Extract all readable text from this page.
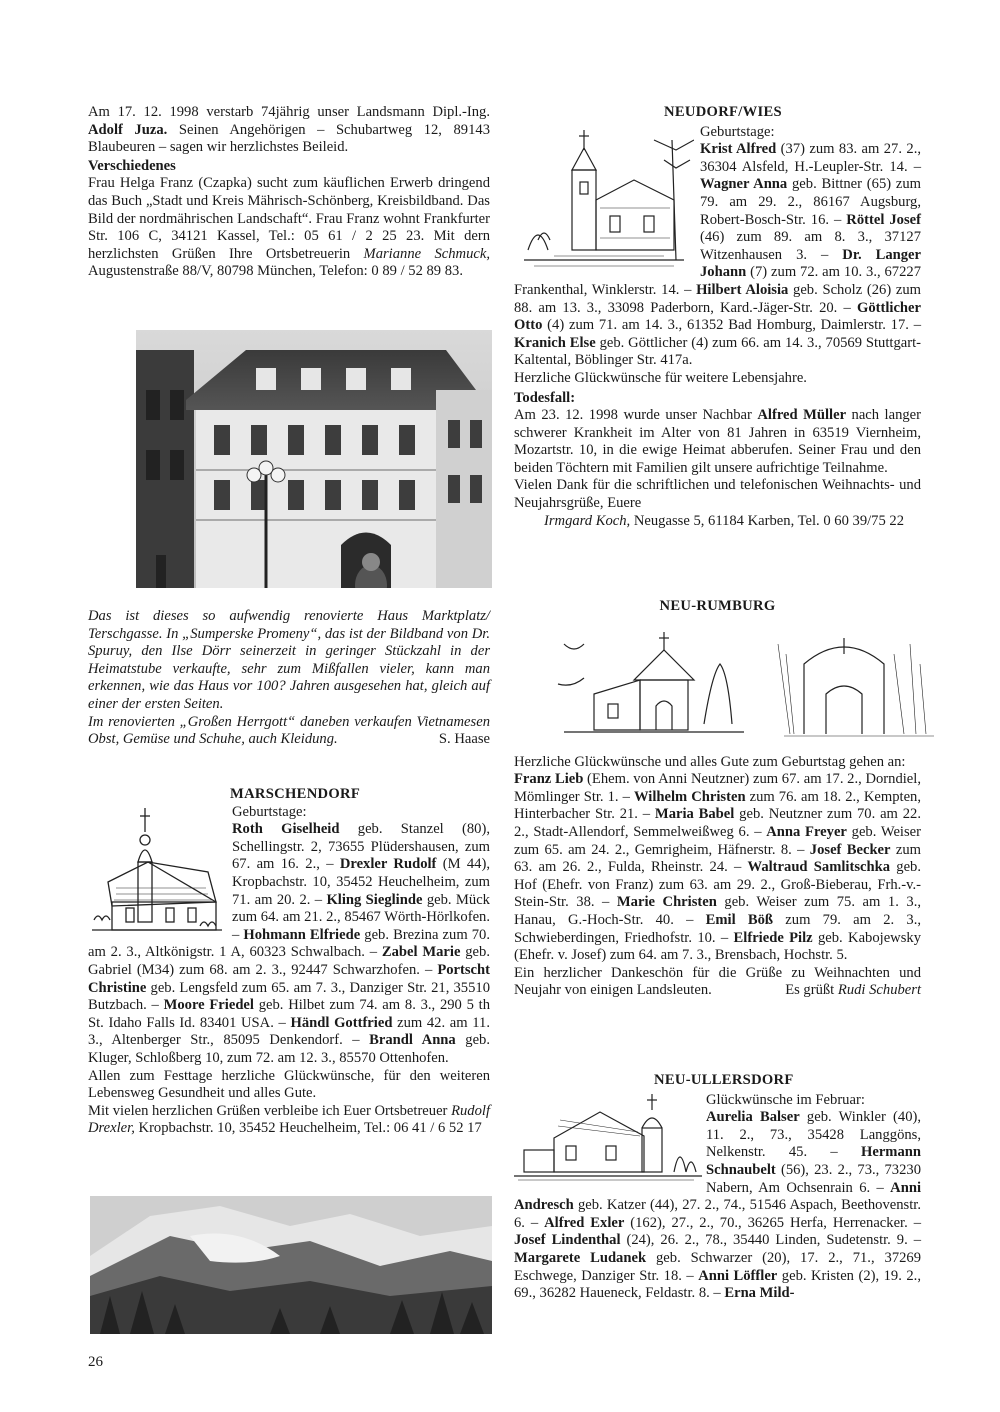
Am 17. 12. 1998 verstarb 74jährig unser Landsmann Dipl.-Ing. Adolf Juza. Seinen Angehörigen – Schubartweg 12, 89143 Blaubeuren – sagen wir herzlichstes Beileid.

Verschiedenes

Frau Helga Franz (Czapka) sucht zum käuflichen Erwerb dringend das Buch „Stadt und Kreis Mährisch-Schönberg, Kreisbildband. Das Bild der nordmährischen Landschaft“. Frau Franz wohnt Frankfurter Str. 106 C, 34121 Kassel, Tel.: 05 61 / 2 25 23. Mit dern herzlichsten Grüßen Ihre Ortsbetreuerin Marianne Schmuck, Augustenstraße 88/V, 80798 München, Telefon: 0 89 / 52 89 83.

Das ist dieses so aufwendig renovierte Haus Marktplatz/ Terschgasse. In „Sumperske Promeny“, das ist der Bildband von Dr. Spuruy, den Ilse Dörr seinerzeit in geringer Stückzahl in der Heimatstube verkaufte, sehr zum Mißfallen vieler, kann man erkennen, wie das Haus vor 100? Jahren ausgesehen hat, gleich auf einer der ersten Seiten.

Im renovierten „Großen Herrgott“ daneben verkaufen Vietnamesen Obst, Gemüse und Schuhe, auch Kleidung.	S. Haase

MARSCHENDORF

Geburtstage:

Roth Giselheid geb. Stanzel (80), Schellingstr. 2, 73655 Plüdershausen, zum 67. am 16. 2., – Drexler Rudolf (M 44), Kropbachstr. 10, 35452 Heuchelheim, zum 71. am 20. 2. – Kling Sieglinde geb. Mück zum 64. am 21. 2., 85467 Wörth-Hörlkofen. – Hohmann Elfriede geb. Brezina zum 70. am 2. 3., Altkönigstr. 1 A, 60323 Schwalbach. – Zabel Marie geb. Gabriel (M34) zum 68. am 2. 3., 92447 Schwarzhofen. – Portscht Christine geb. Lengsfeld zum 65. am 7. 3., Danziger Str. 21, 35510 Butzbach. – Moore Friedel geb. Hilbet zum 74. am 8. 3., 290 5 th St. Idaho Falls Id. 83401 USA. – Händl Gottfried zum 42. am 11. 3., Altenberger Str., 85095 Denkendorf. – Brandl Anna geb. Kluger, Schloßberg 10, zum 72. am 12. 3., 85570 Ottenhofen.

Allen zum Festtage herzliche Glückwünsche, für den weiteren Lebensweg Gesundheit und alles Gute.

Mit vielen herzlichen Grüßen verbleibe ich Euer Ortsbetreuer Rudolf Drexler, Kropbachstr. 10, 35452 Heuchelheim, Tel.: 06 41 / 6 52 17

NEUDORF/WIES

Geburtstage:

Krist Alfred (37) zum 83. am 27. 2., 36304 Alsfeld, H.-Leupler-Str. 14. – Wagner Anna geb. Bittner (65) zum 79. am 29. 2., 86167 Augsburg, Robert-Bosch-Str. 16. – Röttel Josef (46) zum 89. am 8. 3., 37127 Witzenhausen 3. – Dr. Langer Johann (7) zum 72. am 10. 3., 67227 Frankenthal, Winklerstr. 14. – Hilbert Aloisia geb. Scholz (26) zum 88. am 13. 3., 33098 Paderborn, Kard.-Jäger-Str. 20. – Göttlicher Otto (4) zum 71. am 14. 3., 61352 Bad Homburg, Daimlerstr. 17. – Kranich Else geb. Göttlicher (4) zum 66. am 14. 3., 70569 Stuttgart-Kaltental, Böblinger Str. 417a.

Herzliche Glückwünsche für weitere Lebensjahre.

Todesfall:

Am 23. 12. 1998 wurde unser Nachbar Alfred Müller nach langer schwerer Krankheit im Alter von 81 Jahren in 63519 Viernheim, Mozartstr. 10, in die ewige Heimat abberufen. Seiner Frau und den beiden Töchtern mit Familien gilt unsere aufrichtige Teilnahme.

Vielen Dank für die schriftlichen und telefonischen Weihnachts- und Neujahrsgrüße, Euere

Irmgard Koch, Neugasse 5, 61184 Karben, Tel. 0 60 39/75 22

NEU-RUMBURG

Herzliche Glückwünsche und alles Gute zum Geburtstag gehen an:

Franz Lieb (Ehem. von Anni Neutzner) zum 67. am 17. 2., Dorndiel, Mömlinger Str. 1. – Wilhelm Christen zum 76. am 18. 2., Kempten, Hinterbacher Str. 21. – Maria Babel geb. Neutzner zum 70. am 22. 2., Stadt-Allendorf, Semmelweißweg 6. – Anna Freyer geb. Weiser zum 65. am 24. 2., Gemrigheim, Häfnerstr. 8. – Josef Becker zum 63. am 26. 2., Fulda, Rheinstr. 24. – Waltraud Samlitschka geb. Hof (Ehefr. von Franz) zum 63. am 29. 2., Groß-Bieberau, Frh.-v.-Stein-Str. 38. – Marie Christen geb. Weiser zum 75. am 1. 3., Hanau, G.-Hoch-Str. 40. – Emil Böß zum 79. am 2. 3., Schwieberdingen, Friedhofstr. 10. – Elfriede Pilz geb. Kabojewsky (Ehefr. v. Josef) zum 64. am 7. 3., Brensbach, Hochstr. 5.

Ein herzlicher Dankeschön für die Grüße zu Weihnachten und Neujahr von einigen Landsleuten.	Es grüßt Rudi Schubert

NEU-ULLERSDORF

Glückwünsche im Februar:

Aurelia Balser geb. Winkler (40), 11. 2., 73., 35428 Langgöns, Nelkenstr. 45. – Hermann Schnaubelt (56), 23. 2., 73., 73230 Nabern, Am Ochsenrain 6. – Anni Andresch geb. Katzer (44), 27. 2., 74., 51546 Aspach, Beethovenstr. 6. – Alfred Exler (162), 27., 2., 70., 36265 Herfa, Herrenacker. – Josef Lindenthal (24), 26. 2., 78., 35440 Linden, Sudetenstr. 9. – Margarete Ludanek geb. Schwarzer (20), 17. 2., 71., 37269 Eschwege, Danziger Str. 18. – Anni Löffler geb. Kristen (2), 19. 2., 69., 36282 Haueneck, Feldastr. 8. – Erna Mild-

26
